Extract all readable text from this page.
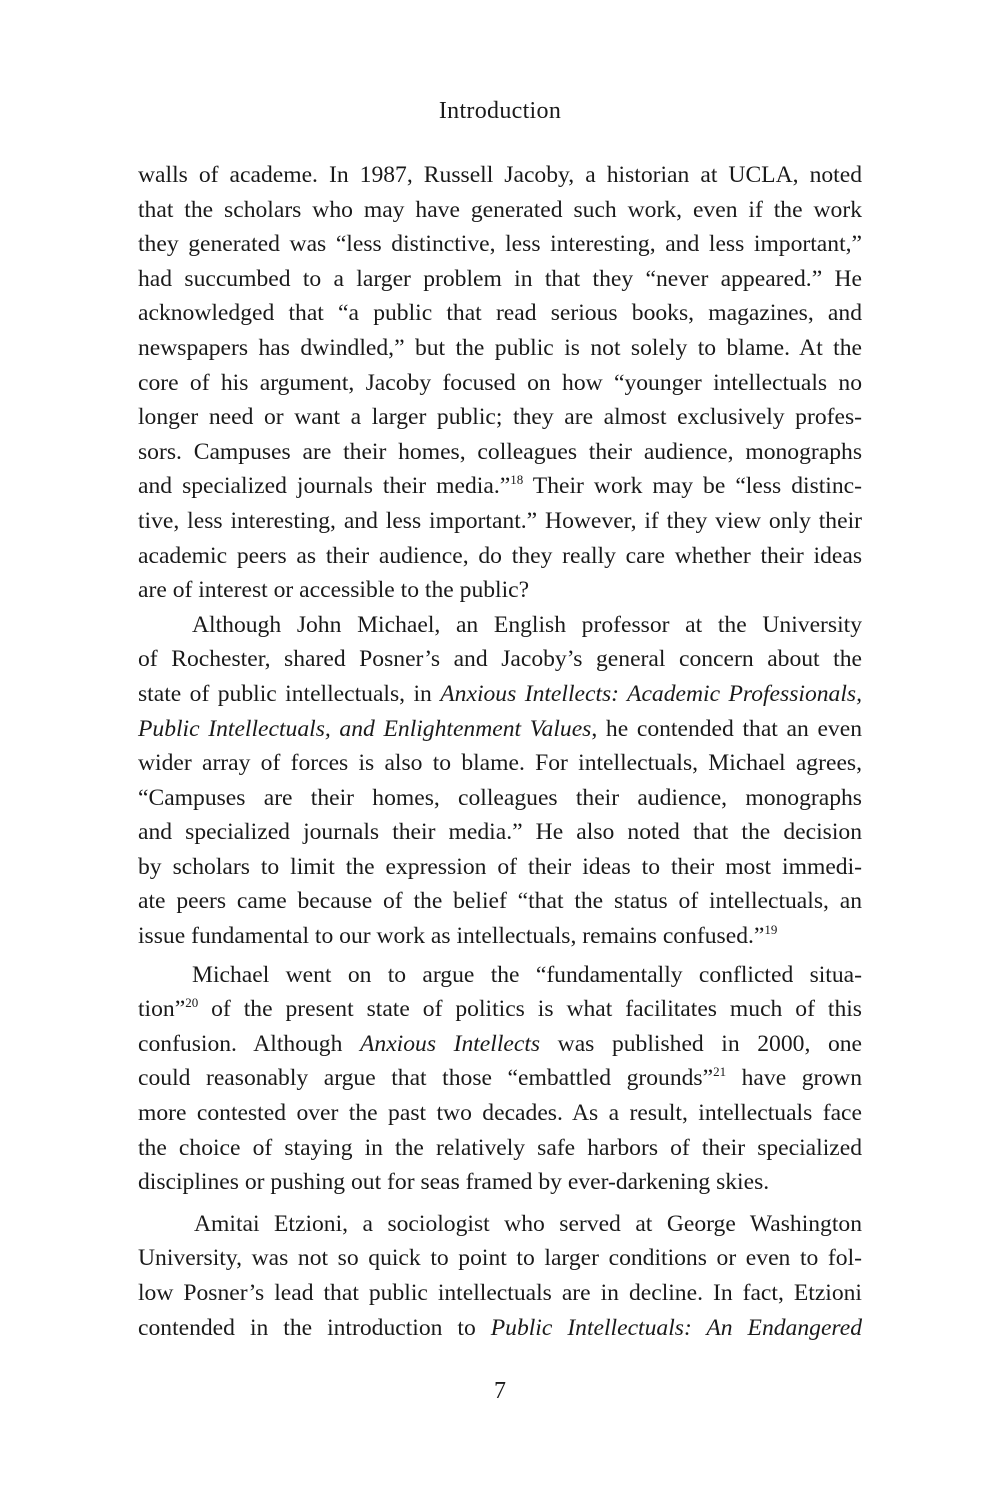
Introduction
walls of academe. In 1987, Russell Jacoby, a historian at UCLA, noted
that the scholars who may have generated such work, even if the work
they generated was “less distinctive, less interesting, and less important,”
had succumbed to a larger problem in that they “never appeared.” He
acknowledged that “a public that read serious books, magazines, and
newspapers has dwindled,” but the public is not solely to blame. At the
core of his argument, Jacoby focused on how “younger intellectuals no
longer need or want a larger public; they are almost exclusively profes-
sors. Campuses are their homes, colleagues their audience, monographs
and specialized journals their media.”$^{18}$ Their work may be “less distinc-
tive, less interesting, and less important.” However, if they view only their
academic peers as their audience, do they really care whether their ideas
are of interest or accessible to the public?
Although John Michael, an English professor at the University
of Rochester, shared Posner’s and Jacoby’s general concern about the
state of public intellectuals, in Anxious Intellects: Academic Professionals,
Public Intellectuals, and Enlightenment Values, he contended that an even
wider array of forces is also to blame. For intellectuals, Michael agrees,
“Campuses are their homes, colleagues their audience, monographs
and specialized journals their media.” He also noted that the decision
by scholars to limit the expression of their ideas to their most immedi-
ate peers came because of the belief “that the status of intellectuals, an
issue fundamental to our work as intellectuals, remains confused.”$^{19}$
Michael went on to argue the “fundamentally conflicted situa-
tion”$^{20}$ of the present state of politics is what facilitates much of this
confusion. Although Anxious Intellects was published in 2000, one
could reasonably argue that those “embattled grounds”$^{21}$ have grown
more contested over the past two decades. As a result, intellectuals face
the choice of staying in the relatively safe harbors of their specialized
disciplines or pushing out for seas framed by ever-darkening skies.
Amitai Etzioni, a sociologist who served at George Washington
University, was not so quick to point to larger conditions or even to fol-
low Posner’s lead that public intellectuals are in decline. In fact, Etzioni
contended in the introduction to Public Intellectuals: An Endangered
7
